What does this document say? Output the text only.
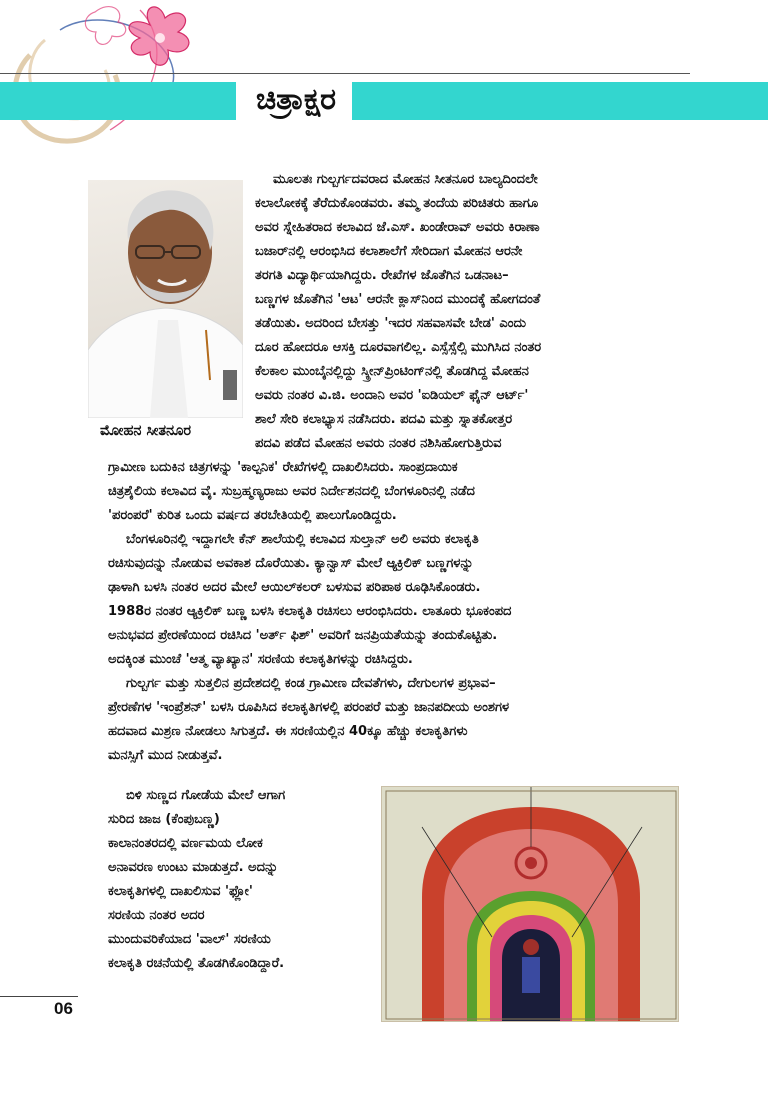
ಚಿತ್ರಾಕ್ಷರ
ಮೋಹನ ಸೀತನೂರ
ಮೂಲತಃ ಗುಲ್ಬರ್ಗದವರಾದ ಮೋಹನ ಸೀತನೂರ ಬಾಲ್ಯದಿಂದಲೇ
ಕಲಾಲೋಕಕ್ಕೆ ತೆರೆದುಕೊಂಡವರು. ತಮ್ಮ ತಂದೆಯ ಪರಿಚಿತರು ಹಾಗೂ
ಅವರ ಸ್ನೇಹಿತರಾದ ಕಲಾವಿದ ಜೆ.ಎಸ್. ಖಂಡೇರಾವ್ ಅವರು ಕಿರಾಣಾ
ಬಜಾರ್‌ನಲ್ಲಿ ಆರಂಭಿಸಿದ ಕಲಾಶಾಲೆಗೆ ಸೇರಿದಾಗ ಮೋಹನ ಆರನೇ
ತರಗತಿ ವಿದ್ಯಾರ್ಥಿಯಾಗಿದ್ದರು. ರೇಖೆಗಳ ಜೊತೆಗಿನ ಒಡನಾಟ–
ಬಣ್ಣಗಳ ಜೊತೆಗಿನ 'ಆಟ' ಆರನೇ ಕ್ಲಾಸ್‌ನಿಂದ ಮುಂದಕ್ಕೆ ಹೋಗದಂತೆ
ತಡೆಯಿತು. ಅದರಿಂದ ಬೇಸತ್ತು 'ಇದರ ಸಹವಾಸವೇ ಬೇಡ' ಎಂದು
ದೂರ ಹೋದರೂ ಆಸಕ್ತಿ ದೂರವಾಗಲಿಲ್ಲ. ಎಸ್ಸೆಸ್ಸೆಲ್ಸಿ ಮುಗಿಸಿದ ನಂತರ
ಕೆಲಕಾಲ ಮುಂಬೈನಲ್ಲಿದ್ದು ಸ್ಕ್ರೀನ್‌ಪ್ರಿಂಟಿಂಗ್‌ನಲ್ಲಿ ತೊಡಗಿದ್ದ ಮೋಹನ
ಅವರು ನಂತರ ವಿ.ಜಿ. ಅಂದಾನಿ ಅವರ 'ಐಡಿಯಲ್ ಫೈನ್ ಆರ್ಟ್'
ಶಾಲೆ ಸೇರಿ ಕಲಾಭ್ಯಾಸ ನಡೆಸಿದರು. ಪದವಿ ಮತ್ತು ಸ್ನಾತಕೋತ್ತರ
ಪದವಿ ಪಡೆದ ಮೋಹನ ಅವರು ನಂತರ ನಶಿಸಿಹೋಗುತ್ತಿರುವ
ಗ್ರಾಮೀಣ ಬದುಕಿನ ಚಿತ್ರಗಳನ್ನು 'ಕಾಲ್ಪನಿಕ' ರೇಖೆಗಳಲ್ಲಿ ದಾಖಲಿಸಿದರು. ಸಾಂಪ್ರದಾಯಿಕ
ಚಿತ್ರಶೈಲಿಯ ಕಲಾವಿದ ವೈ. ಸುಬ್ರಹ್ಮಣ್ಯರಾಜು ಅವರ ನಿರ್ದೇಶನದಲ್ಲಿ ಬೆಂಗಳೂರಿನಲ್ಲಿ ನಡೆದ
'ಪರಂಪರೆ' ಕುರಿತ ಒಂದು ವರ್ಷದ ತರಬೇತಿಯಲ್ಲಿ ಪಾಲುಗೊಂಡಿದ್ದರು.
ಬೆಂಗಳೂರಿನಲ್ಲಿ ಇದ್ದಾಗಲೇ ಕೆನ್ ಶಾಲೆಯಲ್ಲಿ ಕಲಾವಿದ ಸುಲ್ತಾನ್ ಅಲಿ ಅವರು ಕಲಾಕೃತಿ
ರಚಿಸುವುದನ್ನು ನೋಡುವ ಅವಕಾಶ ದೊರೆಯಿತು. ಕ್ಯಾನ್ವಾಸ್ ಮೇಲೆ ಆ್ಯಕ್ರಿಲಿಕ್ ಬಣ್ಣಗಳನ್ನು
ಢಾಳಾಗಿ ಬಳಸಿ ನಂತರ ಅದರ ಮೇಲೆ ಆಯಿಲ್‌ಕಲರ್ ಬಳಸುವ ಪರಿಪಾಠ ರೂಢಿಸಿಕೊಂಡರು.
1988ರ ನಂತರ ಆ್ಯಕ್ರಿಲಿಕ್ ಬಣ್ಣ ಬಳಸಿ ಕಲಾಕೃತಿ ರಚಿಸಲು ಆರಂಭಿಸಿದರು. ಲಾತೂರು ಭೂಕಂಪದ
ಅನುಭವದ ಪ್ರೇರಣೆಯಿಂದ ರಚಿಸಿದ 'ಅರ್ತ್ ಫಿಶ್' ಅವರಿಗೆ ಜನಪ್ರಿಯತೆಯನ್ನು ತಂದುಕೊಟ್ಟಿತು.
ಅದಕ್ಕಿಂತ ಮುಂಚೆ 'ಆತ್ಮ ವ್ಯಾಖ್ಯಾನ' ಸರಣಿಯ ಕಲಾಕೃತಿಗಳನ್ನು ರಚಿಸಿದ್ದರು.
ಗುಲ್ಬರ್ಗ ಮತ್ತು ಸುತ್ತಲಿನ ಪ್ರದೇಶದಲ್ಲಿ ಕಂಡ ಗ್ರಾಮೀಣ ದೇವತೆಗಳು, ದೇಗುಲಗಳ ಪ್ರಭಾವ–
ಪ್ರೇರಣೆಗಳ 'ಇಂಪ್ರೆಶನ್' ಬಳಸಿ ರೂಪಿಸಿದ ಕಲಾಕೃತಿಗಳಲ್ಲಿ ಪರಂಪರೆ ಮತ್ತು ಜಾನಪದೀಯ ಅಂಶಗಳ
ಹದವಾದ ಮಿಶ್ರಣ ನೋಡಲು ಸಿಗುತ್ತದೆ. ಈ ಸರಣಿಯಲ್ಲಿನ 40ಕ್ಕೂ ಹೆಚ್ಚು ಕಲಾಕೃತಿಗಳು
ಮನಸ್ಸಿಗೆ ಮುದ ನೀಡುತ್ತವೆ.
ಬಿಳಿ ಸುಣ್ಣದ ಗೋಡೆಯ ಮೇಲೆ ಆಗಾಗ
ಸುರಿದ ಜಾಜ (ಕೆಂಪುಬಣ್ಣ)
ಕಾಲಾನಂತರದಲ್ಲಿ ವರ್ಣಮಯ ಲೋಕ
ಅನಾವರಣ ಉಂಟು ಮಾಡುತ್ತದೆ. ಅದನ್ನು
ಕಲಾಕೃತಿಗಳಲ್ಲಿ ದಾಖಲಿಸುವ 'ಫ್ಲೋ'
ಸರಣಿಯ ನಂತರ ಅದರ
ಮುಂದುವರಿಕೆಯಾದ 'ವಾಲ್' ಸರಣಿಯ
ಕಲಾಕೃತಿ ರಚನೆಯಲ್ಲಿ ತೊಡಗಿಕೊಂಡಿದ್ದಾರೆ.
06
